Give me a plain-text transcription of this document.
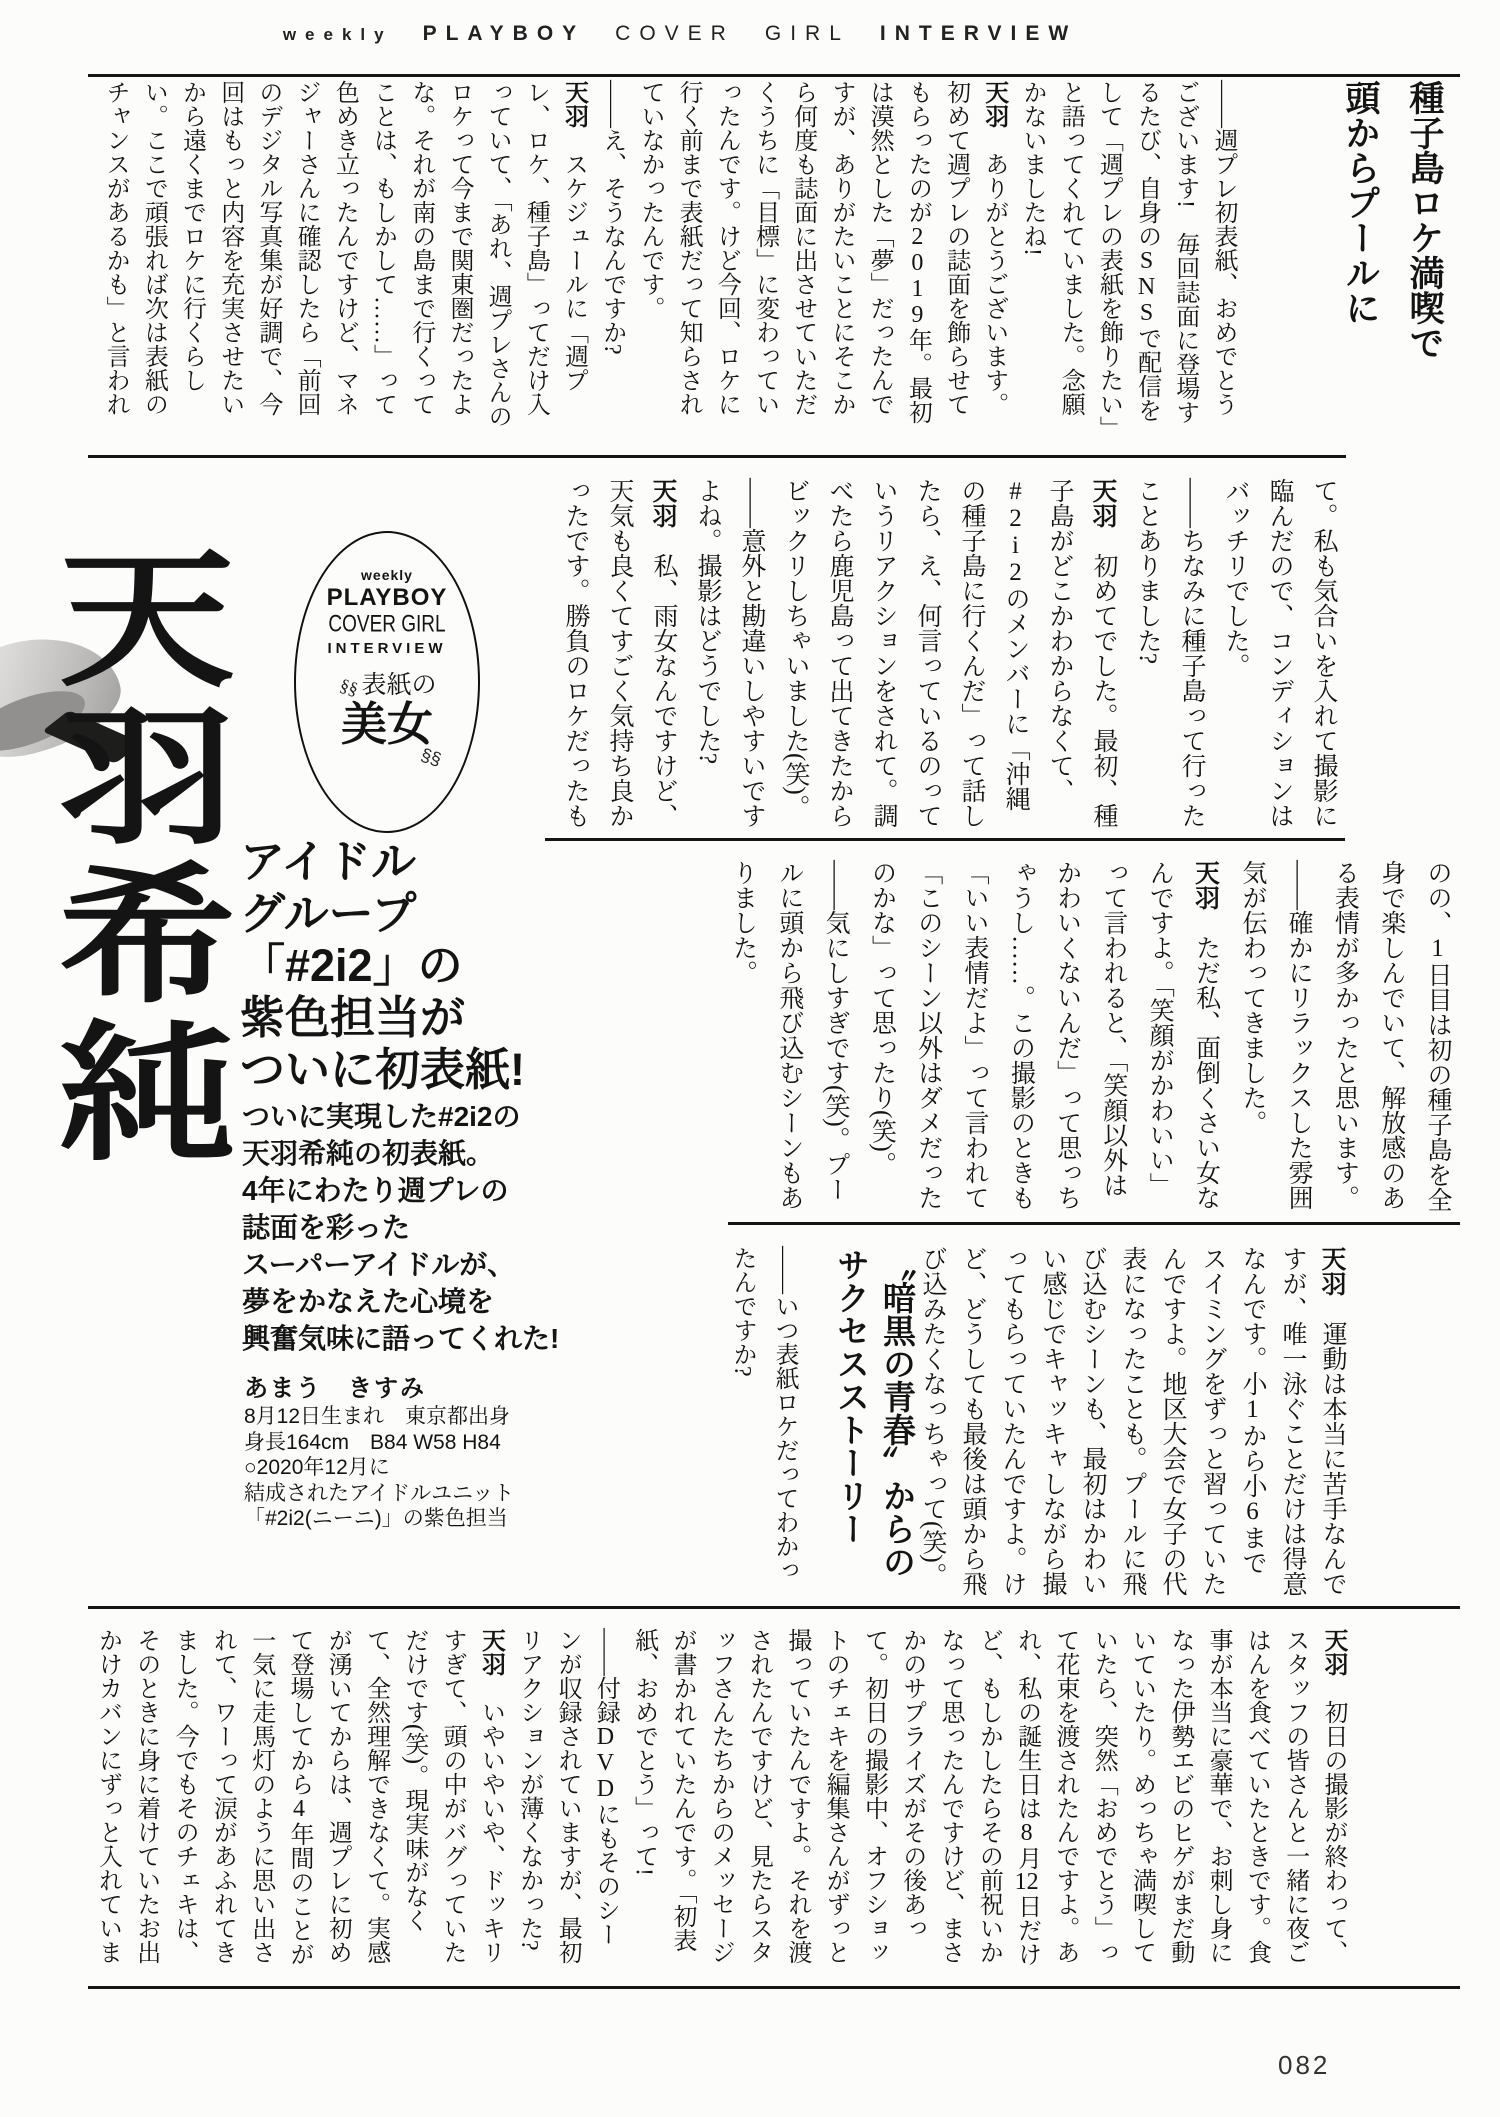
weekly PLAYBOY COVER GIRL INTERVIEW
種子島ロケ満喫で
頭からプールに

——週プレ初表紙、おめでとうございます!　毎回誌面に登場するたび、自身のSNSで配信をして「週プレの表紙を飾りたい」と語ってくれていました。念願かないましたね!

天羽　ありがとうございます。初めて週プレの誌面を飾らせてもらったのが2019年。最初は漠然とした「夢」だったんですが、ありがたいことにそこから何度も誌面に出させていただくうちに「目標」に変わっていったんです。けど今回、ロケに行く前まで表紙だって知らされていなかったんです。

——え、そうなんですか?

天羽　スケジュールに「週プレ、ロケ、種子島」ってだけ入っていて、「あれ、週プレさんのロケって今まで関東圏だったよな。それが南の島まで行くってことは、もしかして……」って色めき立ったんですけど、マネジャーさんに確認したら「前回のデジタル写真集が好調で、今回はもっと内容を充実させたいから遠くまでロケに行くらしい。ここで頑張れば次は表紙のチャンスがあるかも」と言われ

天羽希純	weekly
PLAYBOY
COVER GIRL
INTERVIEW
§§表紙の
美女
§§	て。私も気合いを入れて撮影に臨んだので、コンディションはバッチリでした。

——ちなみに種子島って行ったことありました?

天羽　初めてでした。最初、種子島がどこかわからなくて、#2i2のメンバーに「沖縄の種子島に行くんだ」って話したら、え、何言っているのっていうリアクションをされて。調べたら鹿児島って出てきたからビックリしちゃいました(笑)。

——意外と勘違いしやすいですよね。撮影はどうでした?

天羽　私、雨女なんですけど、天気も良くてすごく気持ち良かったです。勝負のロケだったも

のの、1日目は初の種子島を全身で楽しんでいて、解放感のある表情が多かったと思います。

——確かにリラックスした雰囲気が伝わってきました。

天羽　ただ私、面倒くさい女なんですよ。「笑顔がかわいい」って言われると、「笑顔以外はかわいくないんだ」って思っちゃうし……。この撮影のときも「いい表情だよ」って言われて「このシーン以外はダメだったのかな」って思ったり(笑)。

——気にしすぎです(笑)。プールに頭から飛び込むシーンもありました。

天羽　運動は本当に苦手なんですが、唯一泳ぐことだけは得意なんです。小1から小6までスイミングをずっと習っていたんですよ。地区大会で女子の代表になったことも。プールに飛び込むシーンも、最初はかわいい感じでキャッキャしながら撮ってもらっていたんですよ。けど、どうしても最後は頭から飛び込みたくなっちゃって(笑)。

〝暗黒の青春〟からの
サクセスストーリー

——いつ表紙ロケだってわかったんですか?

アイドル
グループ
「#2i2」の
紫色担当が
ついに初表紙!
ついに実現した#2i2の
天羽希純の初表紙。
4年にわたり週プレの
誌面を彩った
スーパーアイドルが、
夢をかなえた心境を
興奮気味に語ってくれた!
あまう　きすみ
8月12日生まれ　東京都出身
身長164cm　B84 W58 H84
○2020年12月に
結成されたアイドルユニット
「#2i2(ニーニ)」の紫色担当

天羽　初日の撮影が終わって、スタッフの皆さんと一緒に夜ごはんを食べていたときです。食事が本当に豪華で、お刺し身になった伊勢エビのヒゲがまだ動いていたり。めっちゃ満喫していたら、突然「おめでとう」って花束を渡されたんですよ。あれ、私の誕生日は8月12日だけど、もしかしたらその前祝いかなって思ったんですけど、まさかのサプライズがその後あって。初日の撮影中、オフショットのチェキを編集さんがずっと撮っていたんですよ。それを渡されたんですけど、見たらスタッフさんたちからのメッセージが書かれていたんです。「初表紙、おめでとう」って!

——付録DVDにもそのシーンが収録されていますが、最初リアクションが薄くなかった?

天羽　いやいやいや、ドッキリすぎて、頭の中がバグっていただけです(笑)。現実味がなくて、全然理解できなくて。実感が湧いてからは、週プレに初めて登場してから4年間のことが一気に走馬灯のように思い出されて、ワーって涙があふれてきました。今でもそのチェキは、そのときに身に着けていたお出かけカバンにずっと入れていま

082
